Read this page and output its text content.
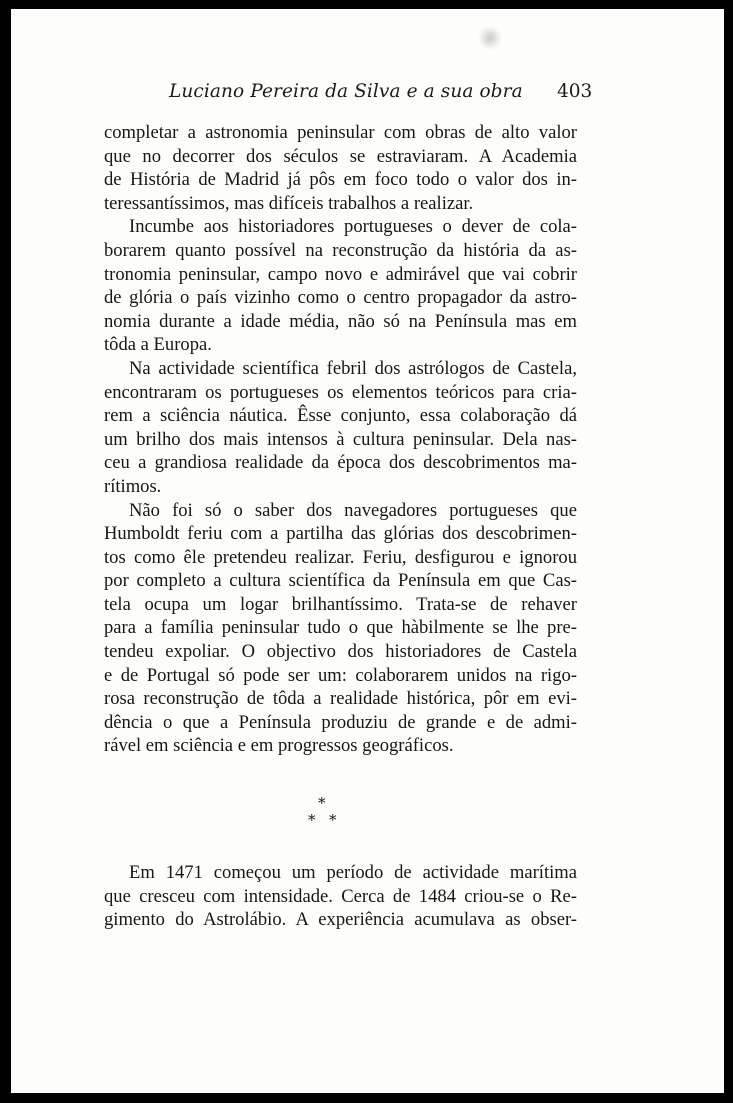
Luciano Pereira da Silva e a sua obra 403
completar a astronomia peninsular com obras de alto valor
que no decorrer dos séculos se estraviaram. A Academia
de História de Madrid já pôs em foco todo o valor dos in-
teressantíssimos, mas difíceis trabalhos a realizar.
Incumbe aos historiadores portugueses o dever de cola-
borarem quanto possível na reconstrução da história da as-
tronomia peninsular, campo novo e admirável que vai cobrir
de glória o país vizinho como o centro propagador da astro-
nomia durante a idade média, não só na Península mas em
tôda a Europa.
Na actividade scientífica febril dos astrólogos de Castela,
encontraram os portugueses os elementos teóricos para cria-
rem a sciência náutica. Êsse conjunto, essa colaboração dá
um brilho dos mais intensos à cultura peninsular. Dela nas-
ceu a grandiosa realidade da época dos descobrimentos ma-
rítimos.
Não foi só o saber dos navegadores portugueses que
Humboldt feriu com a partilha das glórias dos descobrimen-
tos como êle pretendeu realizar. Feriu, desfigurou e ignorou
por completo a cultura scientífica da Península em que Cas-
tela ocupa um logar brilhantíssimo. Trata-se de rehaver
para a família peninsular tudo o que hàbilmente se lhe pre-
tendeu expoliar. O objectivo dos historiadores de Castela
e de Portugal só pode ser um: colaborarem unidos na rigo-
rosa reconstrução de tôda a realidade histórica, pôr em evi-
dência o que a Península produziu de grande e de admi-
rável em sciência e em progressos geográficos.
*
* *
Em 1471 começou um período de actividade marítima
que cresceu com intensidade. Cerca de 1484 criou-se o Re-
gimento do Astrolábio. A experiência acumulava as obser-
